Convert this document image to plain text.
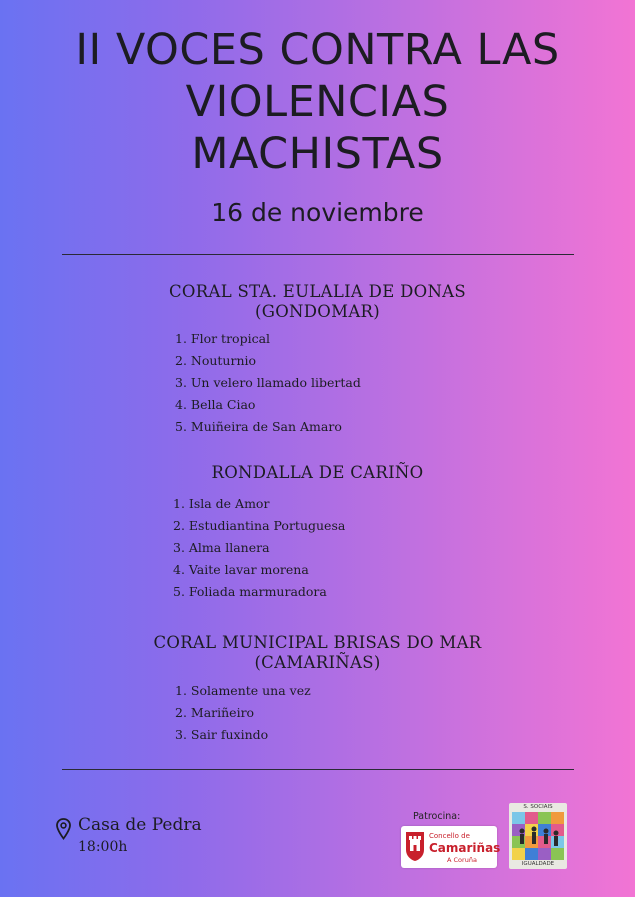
II VOCES CONTRA LAS
VIOLENCIAS
MACHISTAS
16 de noviembre
CORAL STA. EULALIA DE DONAS
(GONDOMAR)
1. Flor tropical
2. Nouturnio
3. Un velero llamado libertad
4. Bella Ciao
5. Muiñeira de San Amaro
RONDALLA DE CARIÑO
1. Isla de Amor
2. Estudiantina Portuguesa
3. Alma llanera
4. Vaite lavar morena
5. Foliada marmuradora
CORAL MUNICIPAL BRISAS DO MAR
(CAMARIÑAS)
1. Solamente una vez
2. Mariñeiro
3. Sair fuxindo
Casa de Pedra
18:00h
Patrocina:
Concello de
Camariñas
A Coruña
S. SOCIAIS
IGUALDADE
